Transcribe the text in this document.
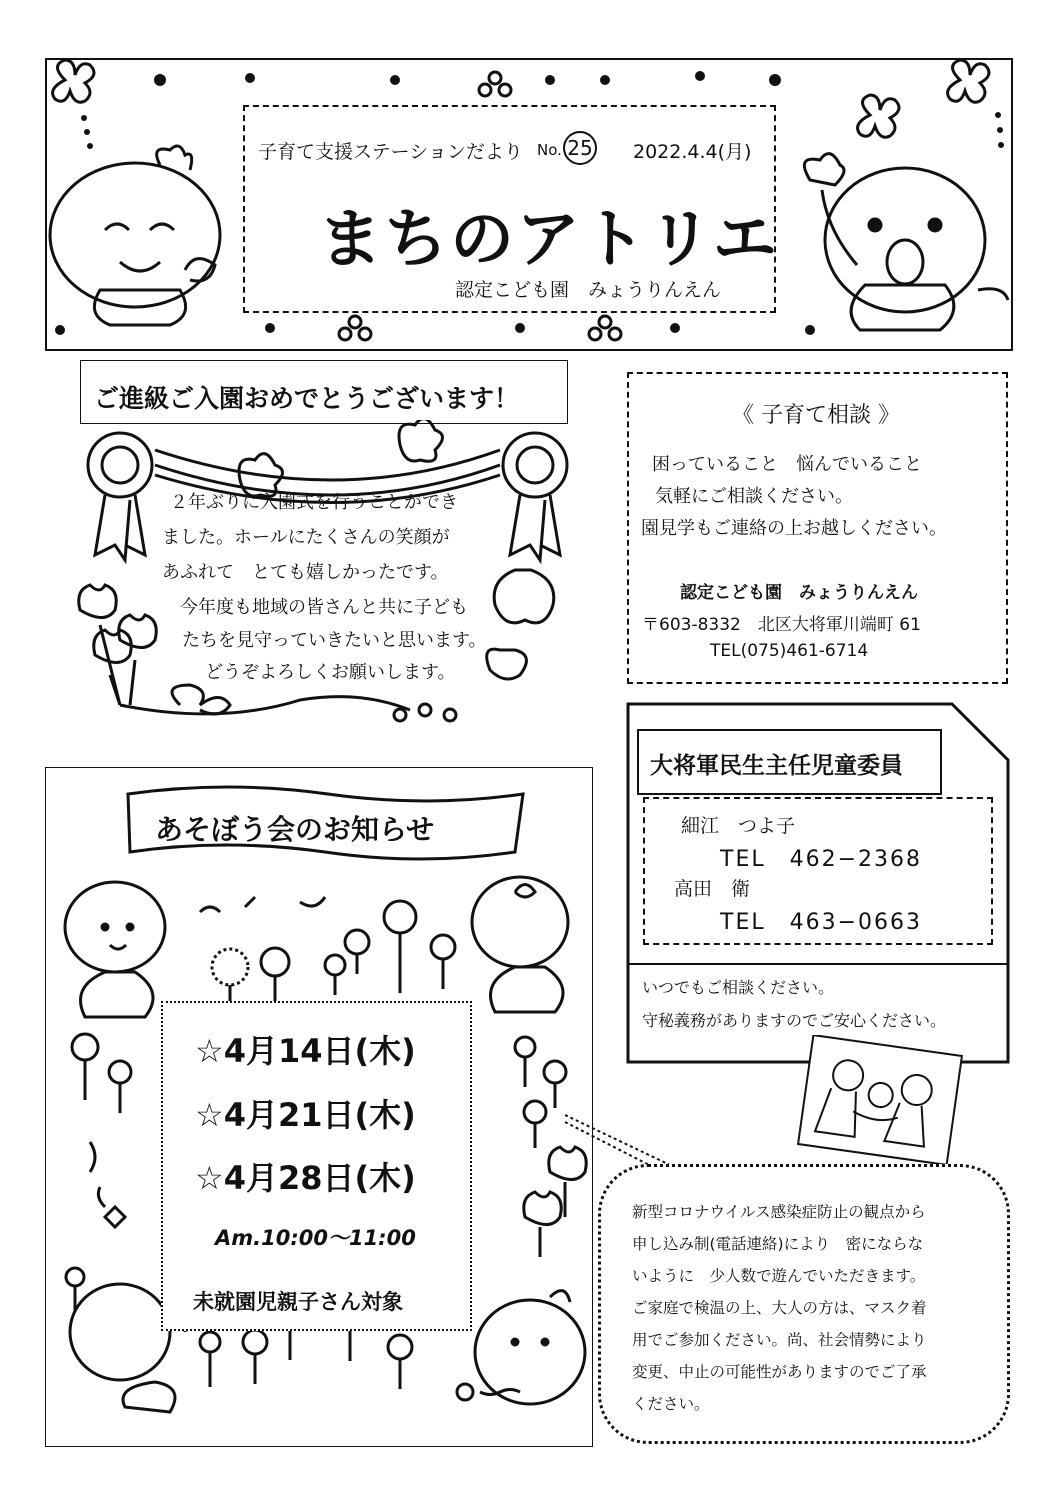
子育て支援ステーションだより No. 25 2022.4.4(月)
まちのアトリエ
認定こども園　みょうりんえん
ご進級ご入園おめでとうございます！
２年ぶりに入園式を行うことができ
ました。ホールにたくさんの笑顔が
あふれて　とても嬉しかったです。
今年度も地域の皆さんと共に子ども
たちを見守っていきたいと思います。
どうぞよろしくお願いします。
《 子育て相談 》
困っていること　悩んでいること
気軽にご相談ください。
園見学もご連絡の上お越しください。
認定こども園　みょうりんえん
〒603-8332　北区大将軍川端町 61
TEL(075)461-6714
大将軍民生主任児童委員
細江　つよ子
TEL　462−2368
高田　衛
TEL　463−0663
いつでもご相談ください。
守秘義務がありますのでご安心ください。
あそぼう会のお知らせ
☆4月14日(木)
☆4月21日(木)
☆4月28日(木)
Am.10:00〜11:00
未就園児親子さん対象
新型コロナウイルス感染症防止の観点から
申し込み制(電話連絡)により　密にならな
いように　少人数で遊んでいただきます。
ご家庭で検温の上、大人の方は、マスク着
用でご参加ください。尚、社会情勢により
変更、中止の可能性がありますのでご了承
ください。
